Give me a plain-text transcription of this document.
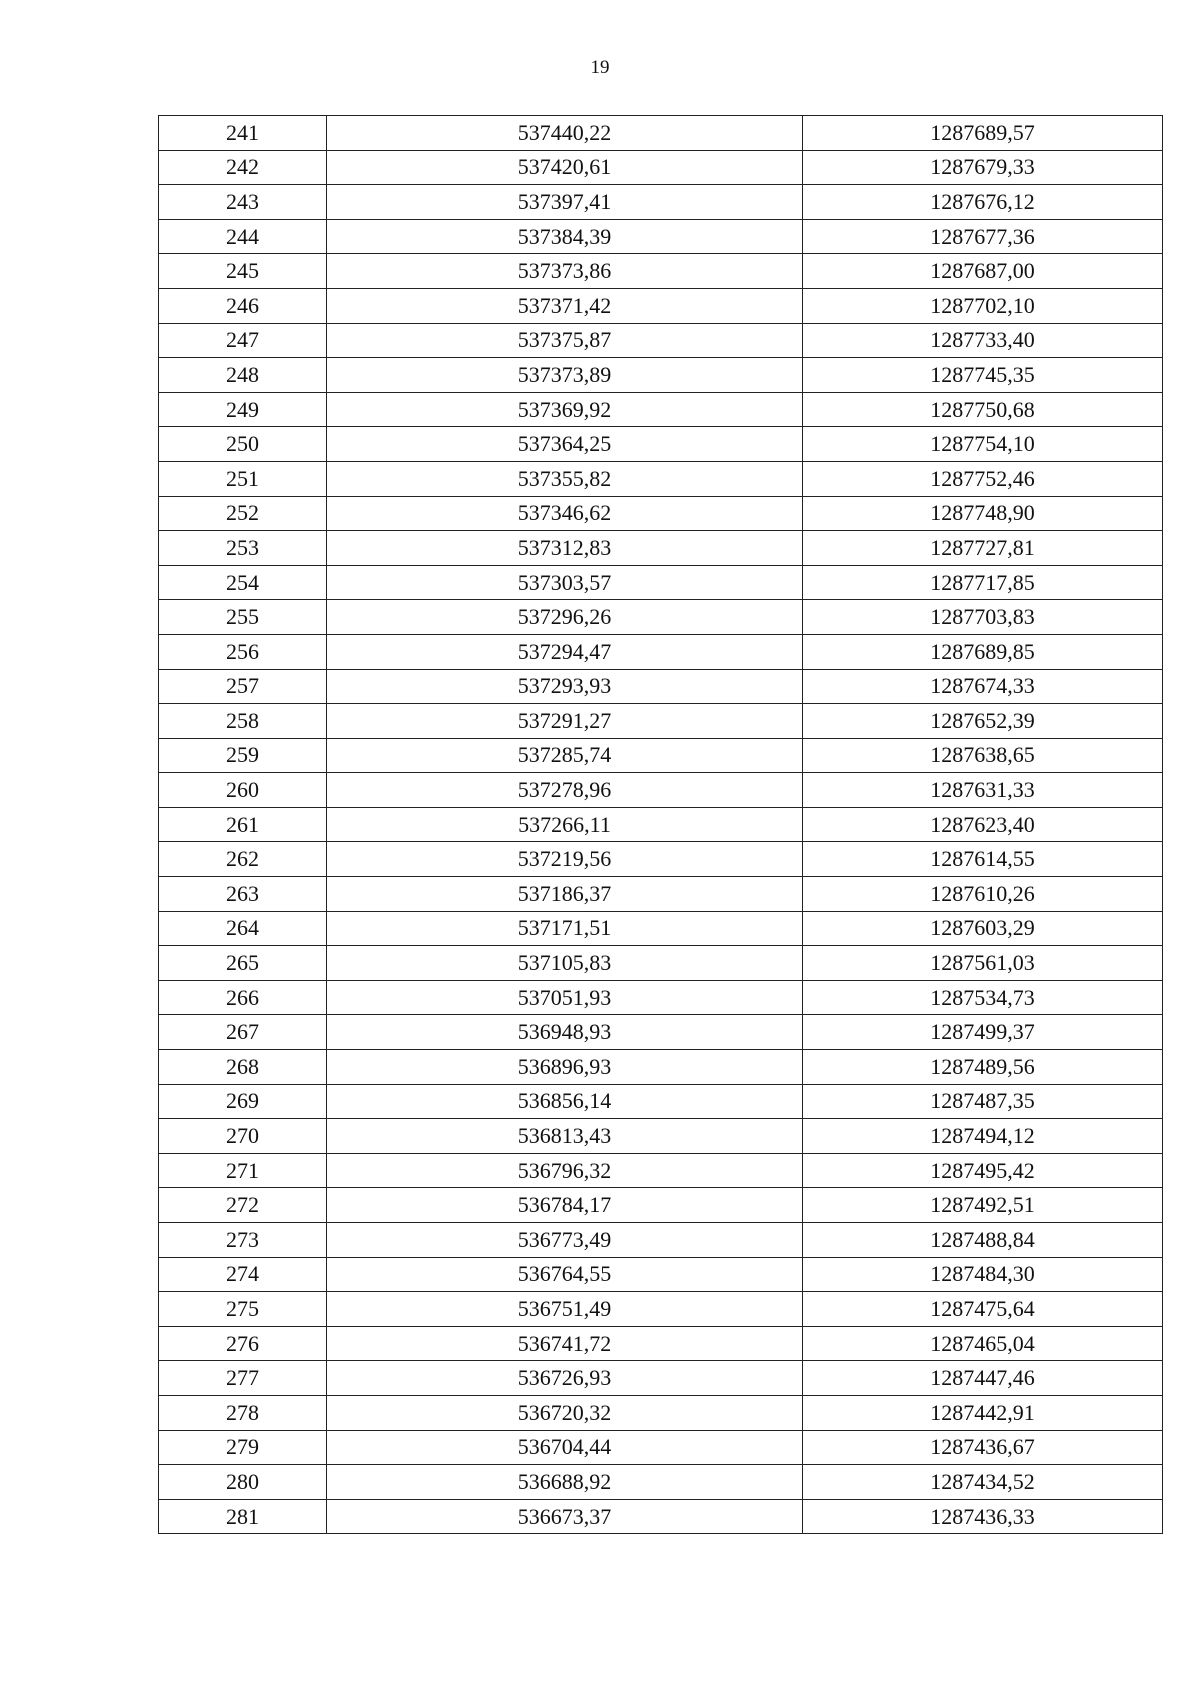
19
241	537440,22	1287689,57
242	537420,61	1287679,33
243	537397,41	1287676,12
244	537384,39	1287677,36
245	537373,86	1287687,00
246	537371,42	1287702,10
247	537375,87	1287733,40
248	537373,89	1287745,35
249	537369,92	1287750,68
250	537364,25	1287754,10
251	537355,82	1287752,46
252	537346,62	1287748,90
253	537312,83	1287727,81
254	537303,57	1287717,85
255	537296,26	1287703,83
256	537294,47	1287689,85
257	537293,93	1287674,33
258	537291,27	1287652,39
259	537285,74	1287638,65
260	537278,96	1287631,33
261	537266,11	1287623,40
262	537219,56	1287614,55
263	537186,37	1287610,26
264	537171,51	1287603,29
265	537105,83	1287561,03
266	537051,93	1287534,73
267	536948,93	1287499,37
268	536896,93	1287489,56
269	536856,14	1287487,35
270	536813,43	1287494,12
271	536796,32	1287495,42
272	536784,17	1287492,51
273	536773,49	1287488,84
274	536764,55	1287484,30
275	536751,49	1287475,64
276	536741,72	1287465,04
277	536726,93	1287447,46
278	536720,32	1287442,91
279	536704,44	1287436,67
280	536688,92	1287434,52
281	536673,37	1287436,33
